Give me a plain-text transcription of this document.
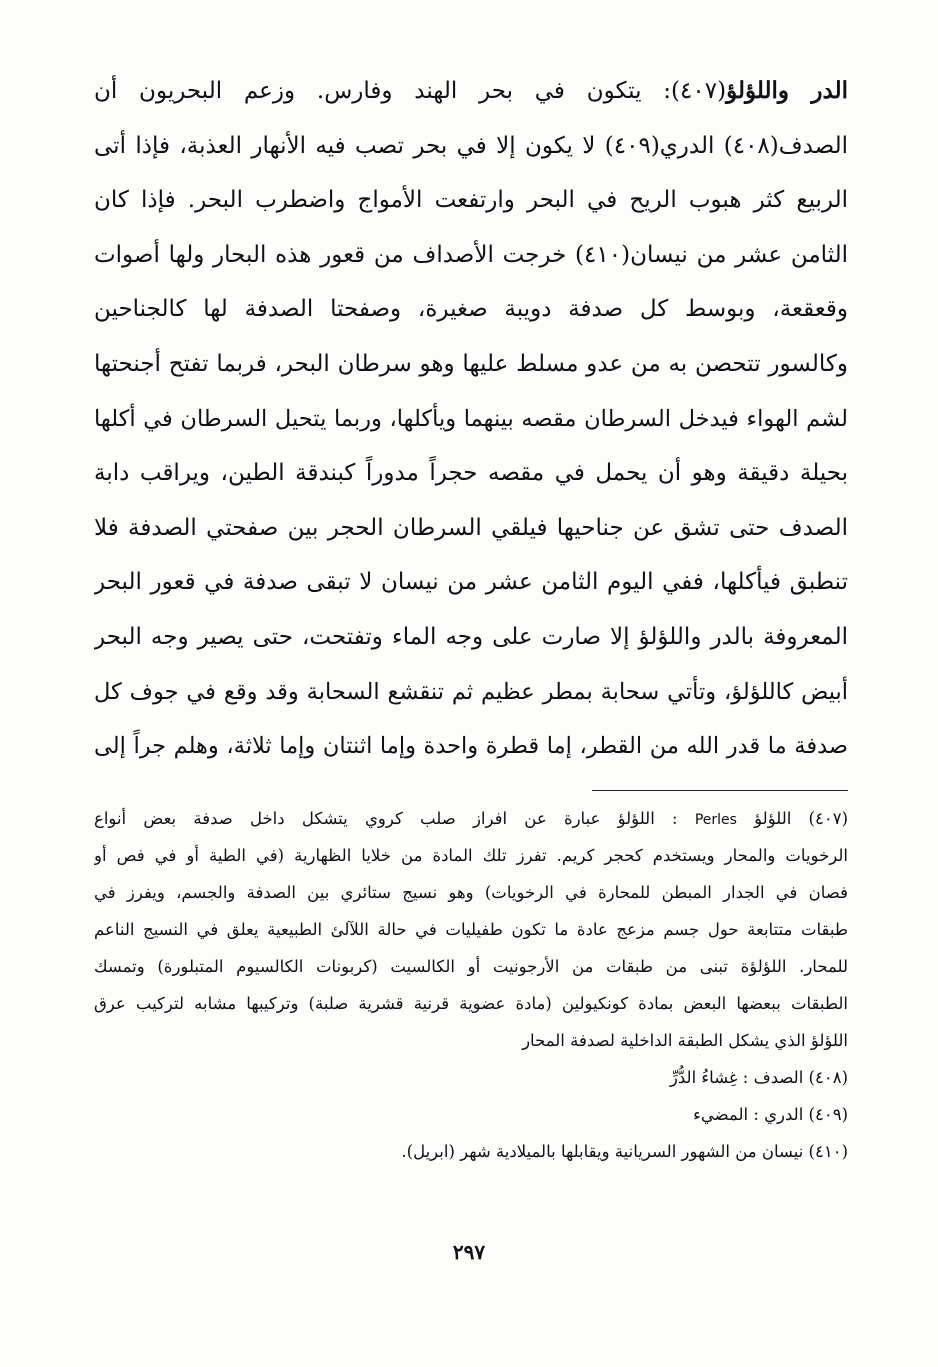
الدر واللؤلؤ(٤٠٧): يتكون في بحر الهند وفارس. وزعم البحريون أن
الصدف(٤٠٨) الدري(٤٠٩) لا يكون إلا في بحر تصب فيه الأنهار العذبة، فإذا أتى
الربيع كثر هبوب الريح في البحر وارتفعت الأمواج واضطرب البحر. فإذا كان
الثامن عشر من نيسان(٤١٠) خرجت الأصداف من قعور هذه البحار ولها أصوات
وقعقعة، وبوسط كل صدفة دويبة صغيرة، وصفحتا الصدفة لها كالجناحين
وكالسور تتحصن به من عدو مسلط عليها وهو سرطان البحر، فربما تفتح أجنحتها
لشم الهواء فيدخل السرطان مقصه بينهما ويأكلها، وربما يتحيل السرطان في أكلها
بحيلة دقيقة وهو أن يحمل في مقصه حجراً مدوراً كبندقة الطين، ويراقب دابة
الصدف حتى تشق عن جناحيها فيلقي السرطان الحجر بين صفحتي الصدفة فلا
تنطبق فيأكلها، ففي اليوم الثامن عشر من نيسان لا تبقى صدفة في قعور البحر
المعروفة بالدر واللؤلؤ إلا صارت على وجه الماء وتفتحت، حتى يصير وجه البحر
أبيض كاللؤلؤ، وتأتي سحابة بمطر عظيم ثم تنقشع السحابة وقد وقع في جوف كل
صدفة ما قدر الله من القطر، إما قطرة واحدة وإما اثنتان وإما ثلاثة، وهلم جراً إلى
(٤٠٧) اللؤلؤ Perles : اللؤلؤ عبارة عن افراز صلب كروي يتشكل داخل صدفة بعض أنواع
الرخويات والمحار ويستخدم كحجر كريم. تفرز تلك المادة من خلايا الظهارية (في الطية أو في فص أو
فصان في الجدار المبطن للمحارة في الرخويات) وهو نسيج ستائري بين الصدفة والجسم، ويفرز في
طبقات متتابعة حول جسم مزعج عادة ما تكون طفيليات في حالة اللآلئ الطبيعية يعلق في النسيج الناعم
للمحار. اللؤلؤة تبنى من طبقات من الأرجونيت أو الكالسيت (كربونات الكالسيوم المتبلورة) وتمسك
الطبقات ببعضها البعض بمادة كونكيولين (مادة عضوية قرنية قشرية صلبة) وتركيبها مشابه لتركيب عرق
اللؤلؤ الذي يشكل الطبقة الداخلية لصدفة المحار
(٤٠٨) الصدف : غِشاءُ الدُّرِّ
(٤٠٩) الدري : المضيء
(٤١٠) نيسان من الشهور السريانية ويقابلها بالميلادية شهر (ابريل).
٢٩٧
